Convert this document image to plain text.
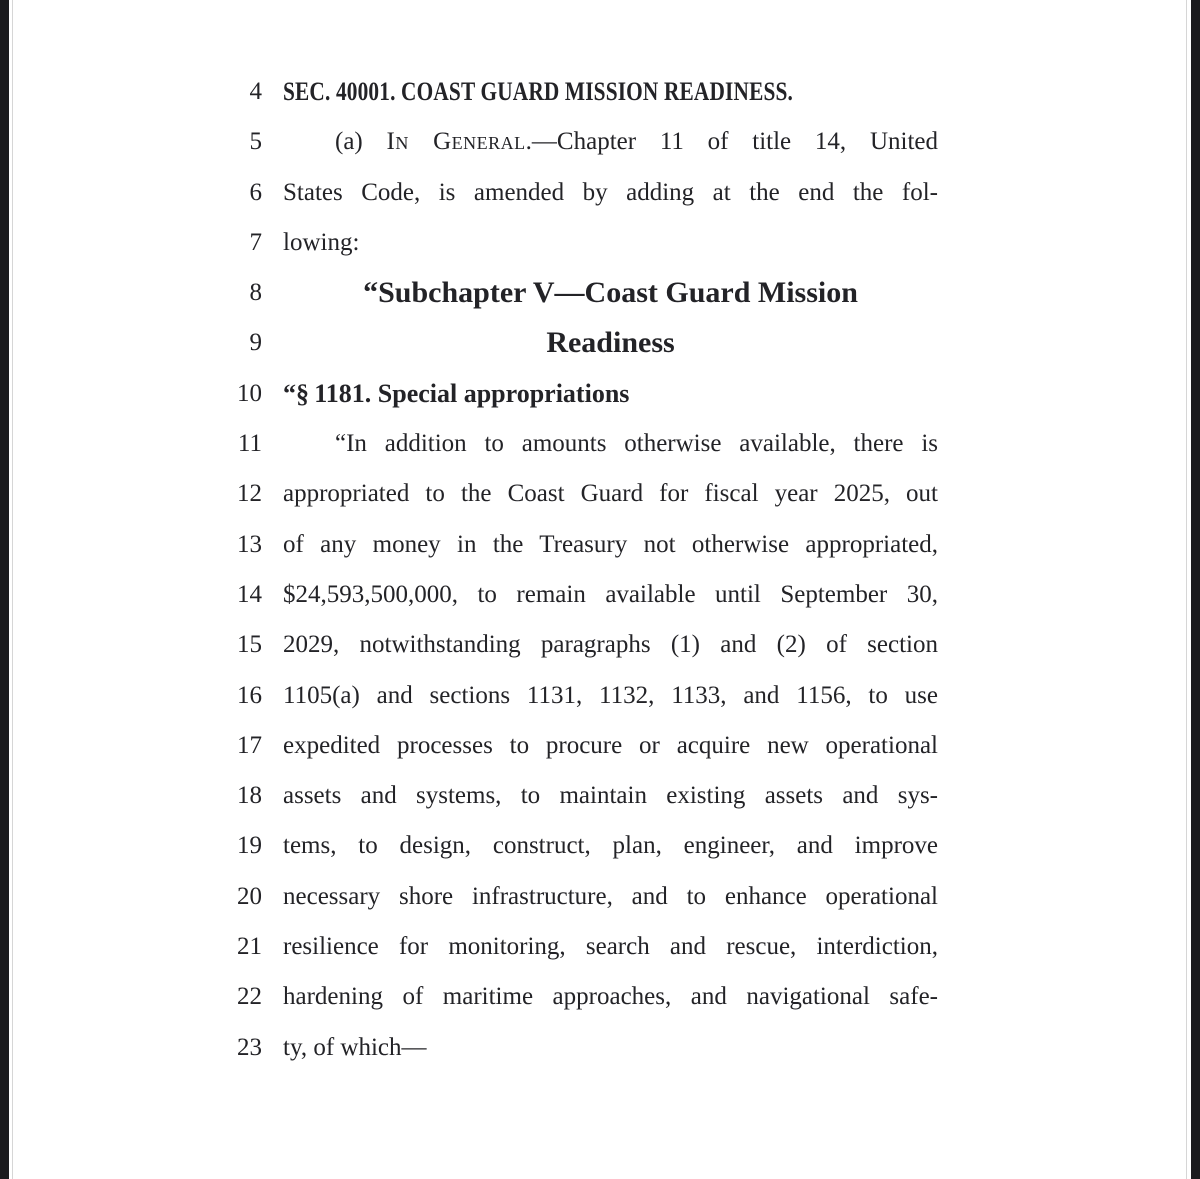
4 SEC. 40001. COAST GUARD MISSION READINESS.
5	(a) In General.—Chapter 11 of title 14, United
6 States Code, is amended by adding at the end the fol-
7 lowing:
8	“Subchapter V—Coast Guard Mission
9	Readiness
10 “§ 1181. Special appropriations
11	“In addition to amounts otherwise available, there is
12 appropriated to the Coast Guard for fiscal year 2025, out
13 of any money in the Treasury not otherwise appropriated,
14 $24,593,500,000, to remain available until September 30,
15 2029, notwithstanding paragraphs (1) and (2) of section
16 1105(a) and sections 1131, 1132, 1133, and 1156, to use
17 expedited processes to procure or acquire new operational
18 assets and systems, to maintain existing assets and sys-
19 tems, to design, construct, plan, engineer, and improve
20 necessary shore infrastructure, and to enhance operational
21 resilience for monitoring, search and rescue, interdiction,
22 hardening of maritime approaches, and navigational safe-
23 ty, of which—
